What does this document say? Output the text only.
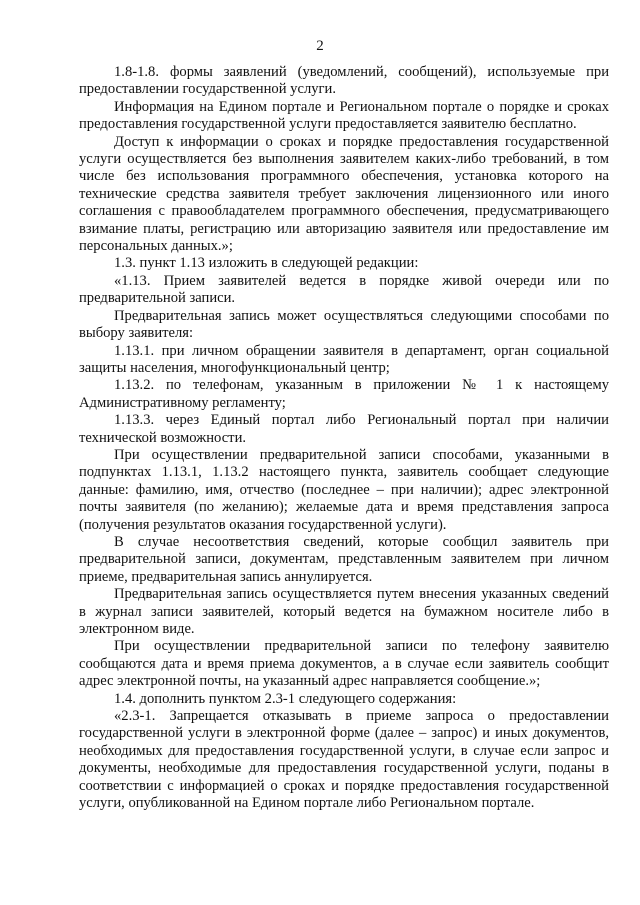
2

1.8-1.8. формы заявлений (уведомлений, сообщений), используемые при предоставлении государственной услуги.

Информация на Едином портале и Региональном портале о порядке и сроках предоставления государственной услуги предоставляется заявителю бесплатно.

Доступ к информации о сроках и порядке предоставления государственной услуги осуществляется без выполнения заявителем каких-либо требований, в том числе без использования программного обеспечения, установка которого на технические средства заявителя требует заключения лицензионного или иного соглашения с правообладателем программного обеспечения, предусматривающего взимание платы, регистрацию или авторизацию заявителя или предоставление им персональных данных.»;

1.3. пункт 1.13 изложить в следующей редакции:

«1.13. Прием заявителей ведется в порядке живой очереди или по предварительной записи.

Предварительная запись может осуществляться следующими способами по выбору заявителя:

1.13.1. при личном обращении заявителя в департамент, орган социальной защиты населения, многофункциональный центр;

1.13.2. по телефонам, указанным в приложении № 1 к настоящему Административному регламенту;

1.13.3. через Единый портал либо Региональный портал при наличии технической возможности.

При осуществлении предварительной записи способами, указанными в подпунктах 1.13.1, 1.13.2 настоящего пункта, заявитель сообщает следующие данные: фамилию, имя, отчество (последнее – при наличии); адрес электронной почты заявителя (по желанию); желаемые дата и время представления запроса (получения результатов оказания государственной услуги).

В случае несоответствия сведений, которые сообщил заявитель при предварительной записи, документам, представленным заявителем при личном приеме, предварительная запись аннулируется.

Предварительная запись осуществляется путем внесения указанных сведений в журнал записи заявителей, который ведется на бумажном носителе либо в электронном виде.

При осуществлении предварительной записи по телефону заявителю сообщаются дата и время приема документов, а в случае если заявитель сообщит адрес электронной почты, на указанный адрес направляется сообщение.»;

1.4. дополнить пунктом 2.3-1 следующего содержания:

«2.3-1. Запрещается отказывать в приеме запроса о предоставлении государственной услуги в электронной форме (далее – запрос) и иных документов, необходимых для предоставления государственной услуги, в случае если запрос и документы, необходимые для предоставления государственной услуги, поданы в соответствии с информацией о сроках и порядке предоставления государственной услуги, опубликованной на Едином портале либо Региональном портале.
